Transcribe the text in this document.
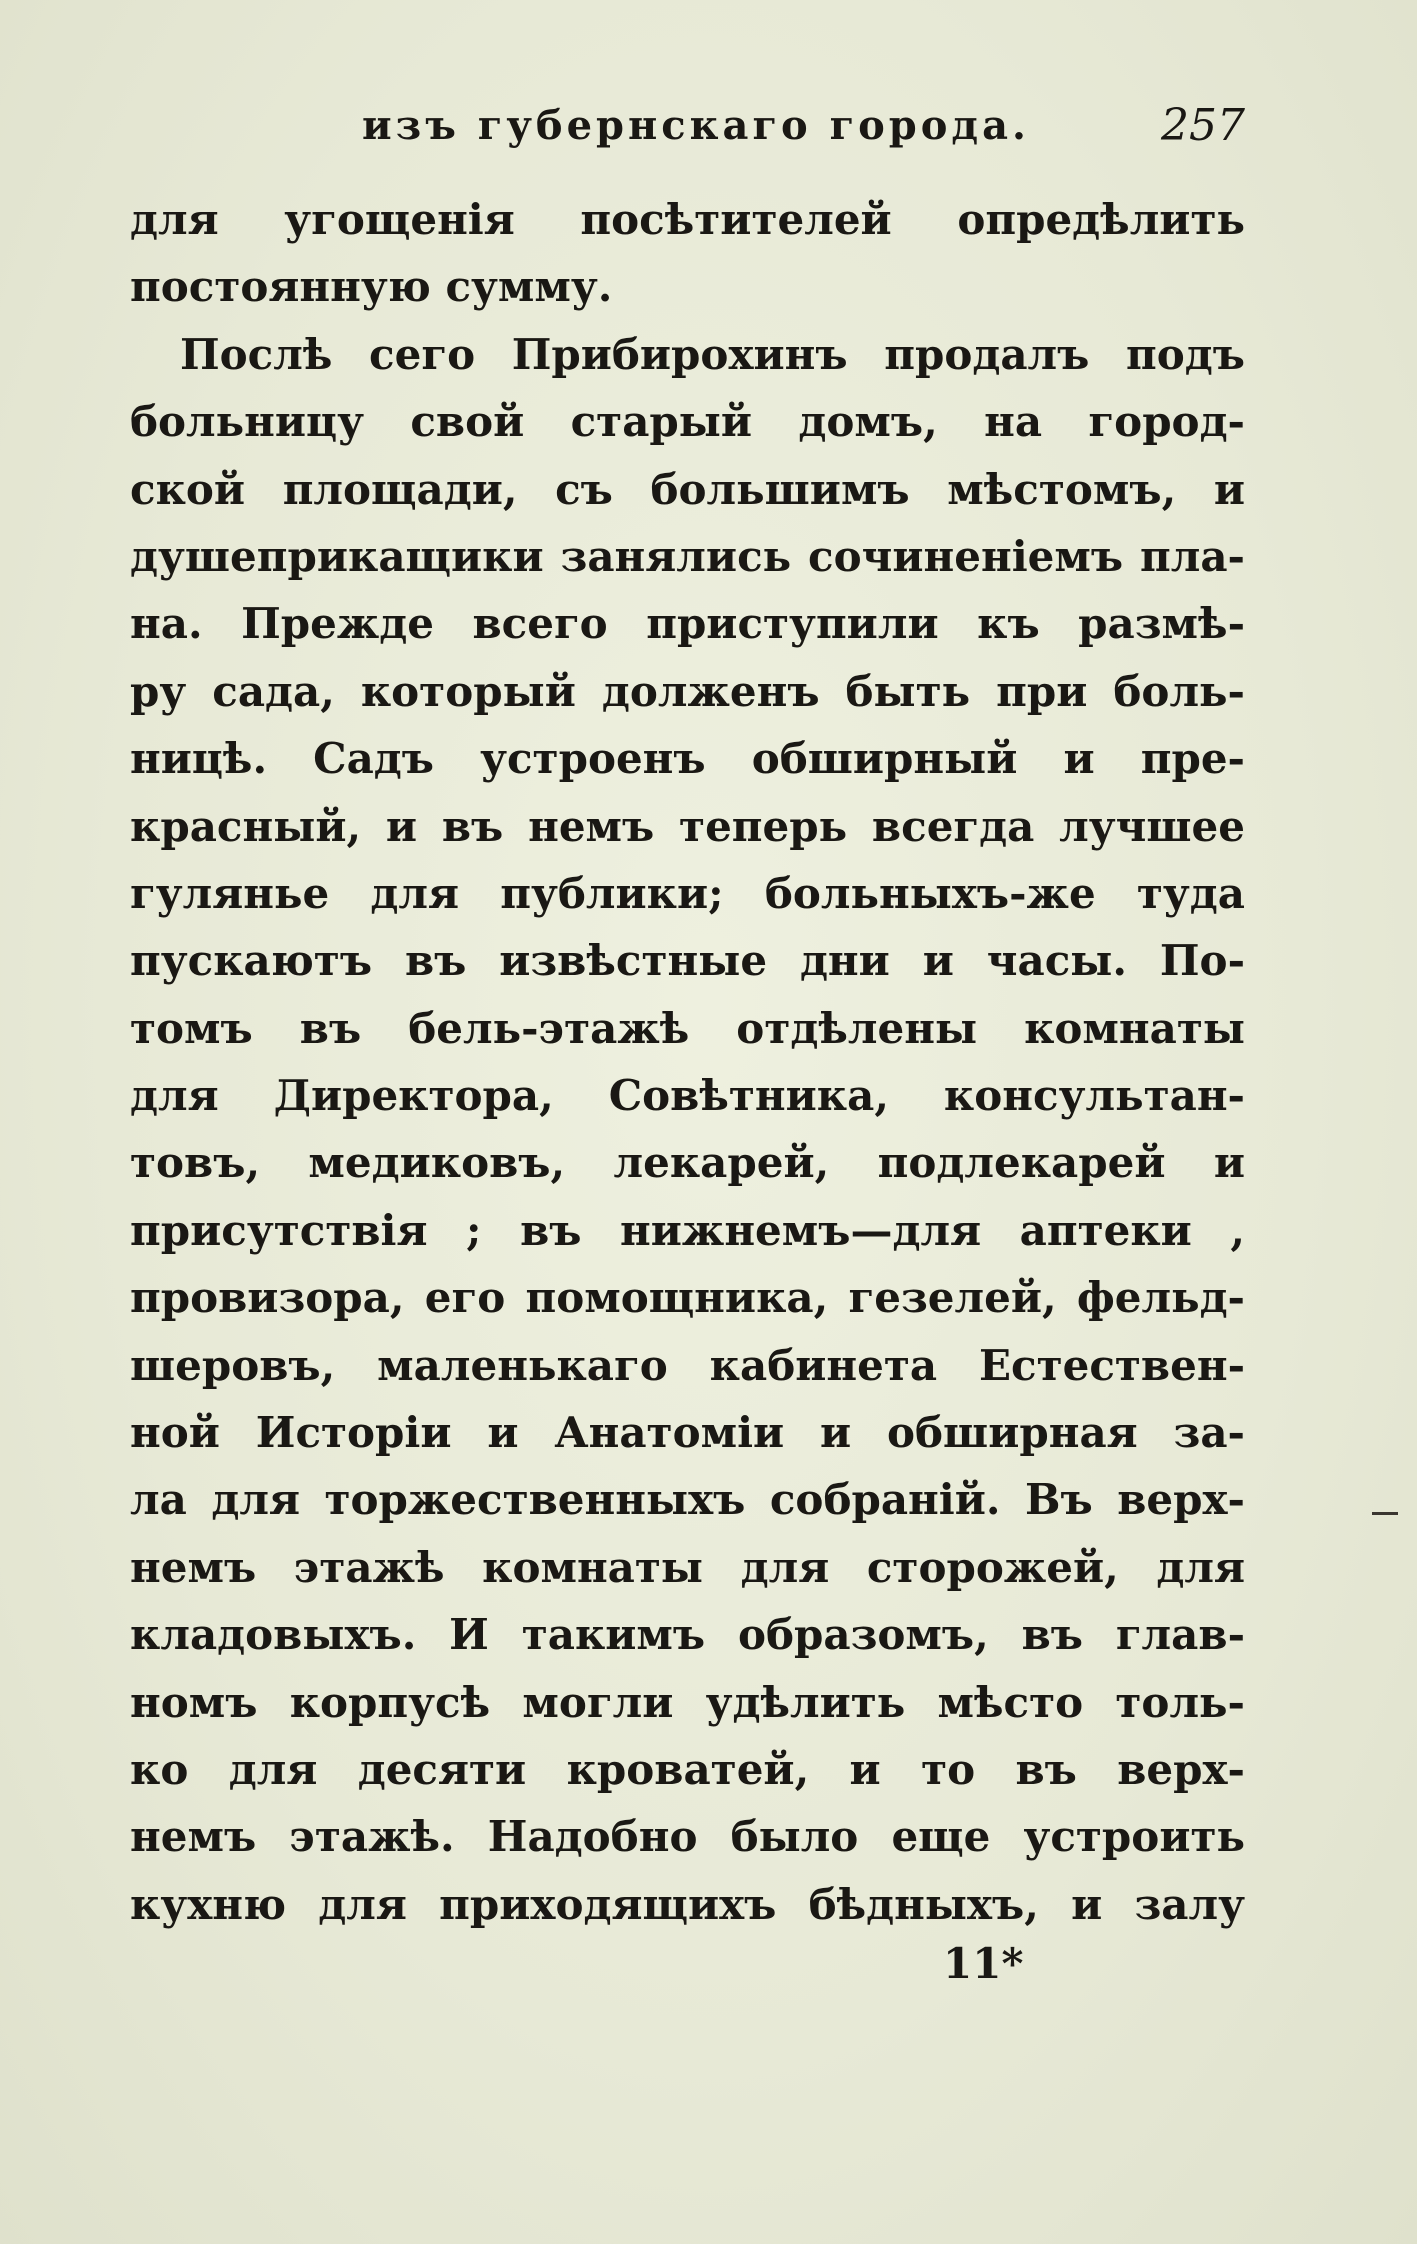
изъ губернскаго города.	257
для угощенія посѣтителей опредѣлить
постоянную сумму.
Послѣ сего Прибирохинъ продалъ подъ
больницу свой старый домъ, на город-
ской площади, съ большимъ мѣстомъ, и
душеприкащики занялись сочиненіемъ пла-
на. Прежде всего приступили къ размѣ-
ру сада, который долженъ быть при боль-
ницѣ. Садъ устроенъ обширный и пре-
красный, и въ немъ теперь всегда лучшее
гулянье для публики; больныхъ-же туда
пускаютъ въ извѣстные дни и часы. По-
томъ въ бель-этажѣ отдѣлены комнаты
для Директора, Совѣтника, консультан-
товъ, медиковъ, лекарей, подлекарей и
присутствія ; въ нижнемъ—для аптеки ,
провизора, его помощника, гезелей, фельд-
шеровъ, маленькаго кабинета Естествен-
ной Исторіи и Анатоміи и обширная за-
ла для торжественныхъ собраній. Въ верх-
немъ этажѣ комнаты для сторожей, для
кладовыхъ. И такимъ образомъ, въ глав-
номъ корпусѣ могли удѣлить мѣсто толь-
ко для десяти кроватей, и то въ верх-
немъ этажѣ. Надобно было еще устроить
кухню для приходящихъ бѣдныхъ, и залу
11*
